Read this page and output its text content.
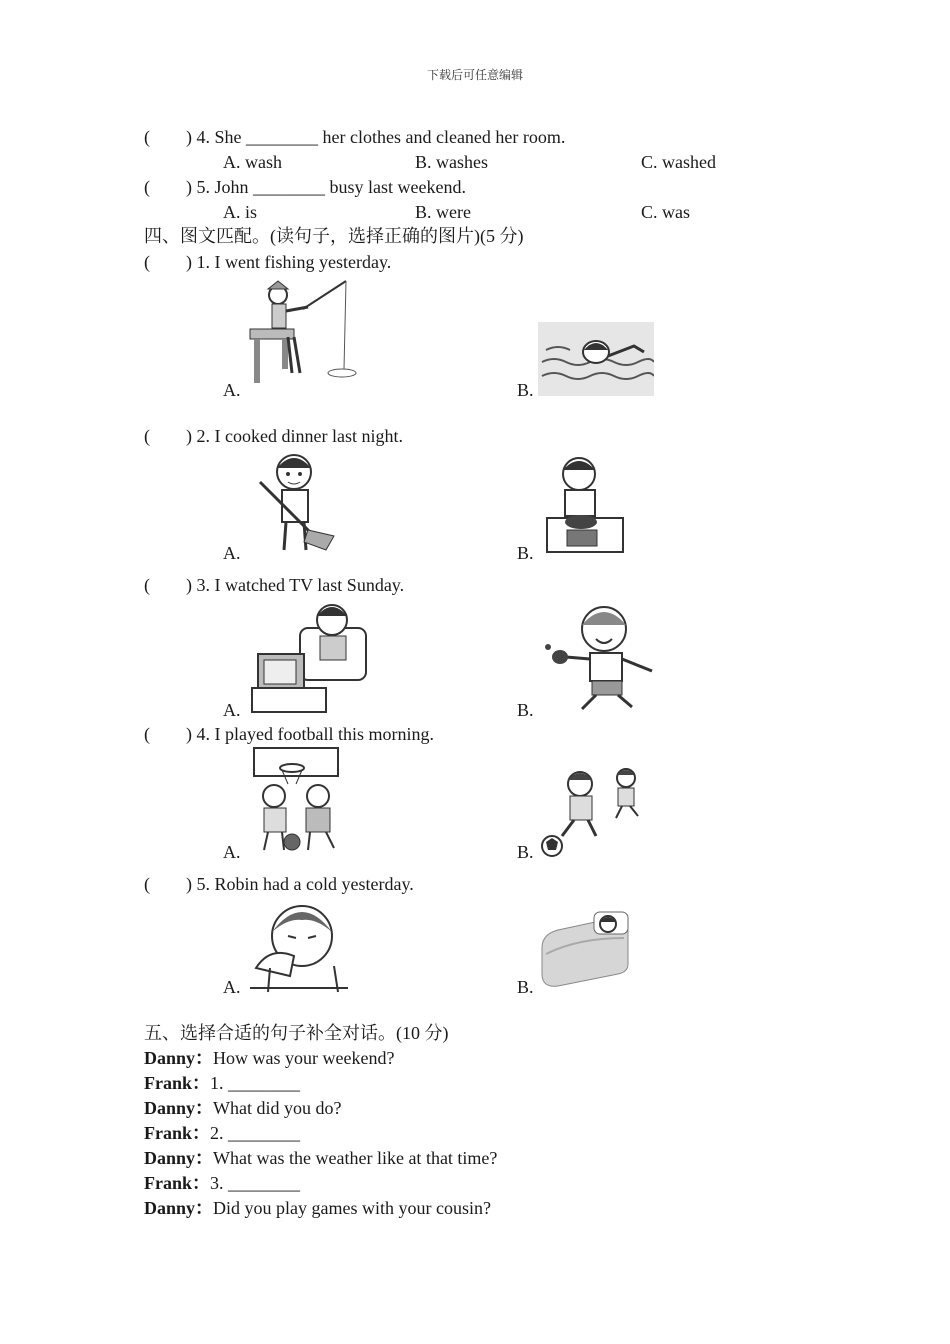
下载后可任意编辑
( ) 4. She ________ her clothes and cleaned her room.
A. wash	B. washes	C. washed
( ) 5. John ________ busy last weekend.
A. is	B. were	C. was
四、图文匹配。(读句子，选择正确的图片)(5 分)
( ) 1. I went fishing yesterday.
A.	B.
( ) 2. I cooked dinner last night.
A.	B.
( ) 3. I watched TV last Sunday.
A.	B.
( ) 4. I played football this morning.
A.	B.
( ) 5. Robin had a cold yesterday.
A.	B.
五、选择合适的句子补全对话。(10 分)
Danny：How was your weekend?
Frank：1. ________
Danny：What did you do?
Frank：2. ________
Danny：What was the weather like at that time?
Frank：3. ________
Danny：Did you play games with your cousin?
